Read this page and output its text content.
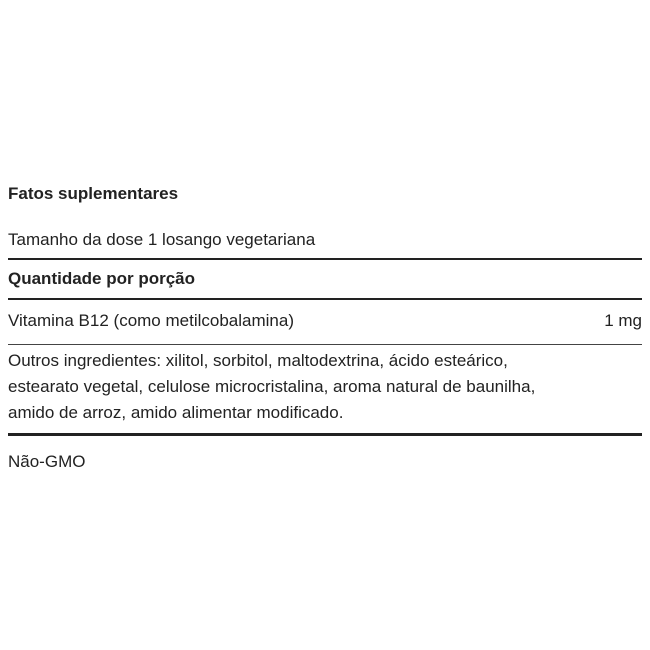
Fatos suplementares
Tamanho da dose 1 losango vegetariana
Quantidade por porção
Vitamina B12 (como metilcobalamina)	1 mg
Outros ingredientes: xilitol, sorbitol, maltodextrina, ácido esteárico,
estearato vegetal, celulose microcristalina, aroma natural de baunilha,
amido de arroz, amido alimentar modificado.
Não-GMO
